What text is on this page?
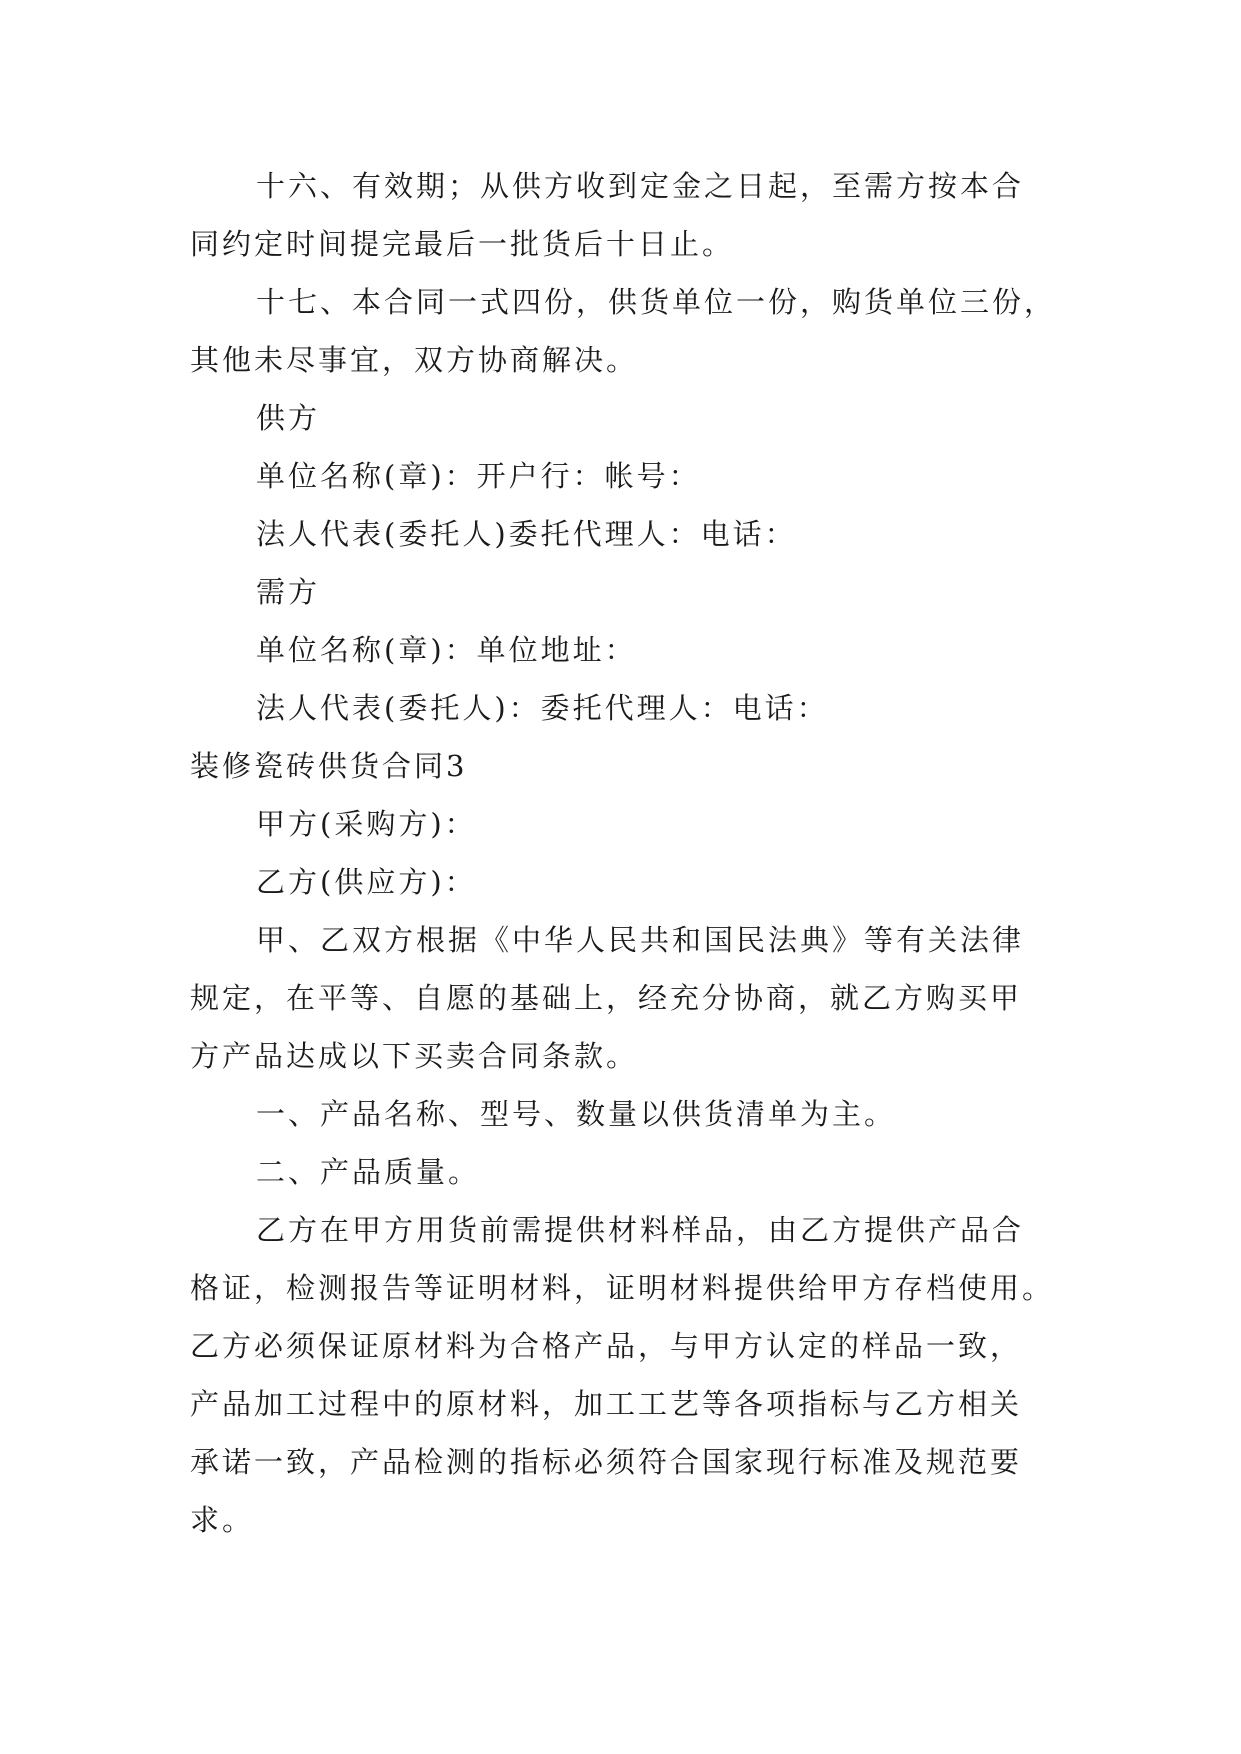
十六、有效期；从供方收到定金之日起，至需方按本合
同约定时间提完最后一批货后十日止。
十七、本合同一式四份，供货单位一份，购货单位三份，
其他未尽事宜，双方协商解决。
供方
单位名称(章)：开户行：帐号：
法人代表(委托人)委托代理人：电话：
需方
单位名称(章)：单位地址：
法人代表(委托人)：委托代理人：电话：
装修瓷砖供货合同3
甲方(采购方)：
乙方(供应方)：
甲、乙双方根据《中华人民共和国民法典》等有关法律
规定，在平等、自愿的基础上，经充分协商，就乙方购买甲
方产品达成以下买卖合同条款。
一、产品名称、型号、数量以供货清单为主。
二、产品质量。
乙方在甲方用货前需提供材料样品，由乙方提供产品合
格证，检测报告等证明材料，证明材料提供给甲方存档使用。
乙方必须保证原材料为合格产品，与甲方认定的样品一致，
产品加工过程中的原材料，加工工艺等各项指标与乙方相关
承诺一致，产品检测的指标必须符合国家现行标准及规范要
求。
